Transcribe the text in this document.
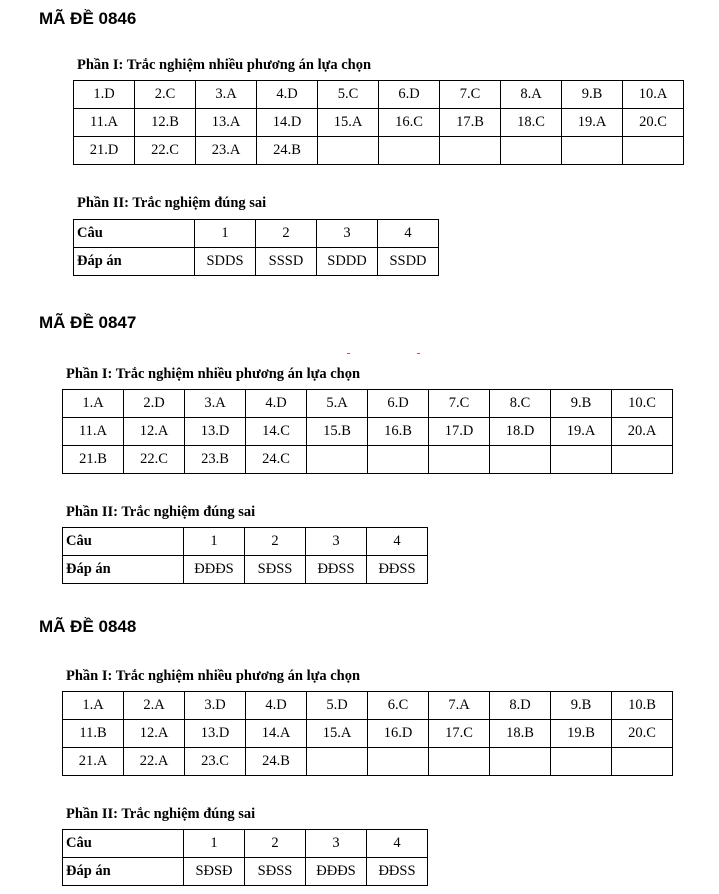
MÃ ĐỀ 0846
Phần I: Trắc nghiệm nhiều phương án lựa chọn
1.D	2.C	3.A	4.D	5.C	6.D	7.C	8.A	9.B	10.A
11.A	12.B	13.A	14.D	15.A	16.C	17.B	18.C	19.A	20.C
21.D	22.C	23.A	24.B						
Phần II: Trắc nghiệm đúng sai
Câu	1	2	3	4
Đáp án	SDDS	SSSD	SDDD	SSDD
MÃ ĐỀ 0847
Phần I: Trắc nghiệm nhiều phương án lựa chọn
1.A	2.D	3.A	4.D	5.A	6.D	7.C	8.C	9.B	10.C
11.A	12.A	13.D	14.C	15.B	16.B	17.D	18.D	19.A	20.A
21.B	22.C	23.B	24.C						
Phần II: Trắc nghiệm đúng sai
Câu	1	2	3	4
Đáp án	ĐĐĐS	SĐSS	ĐĐSS	ĐĐSS
MÃ ĐỀ 0848
Phần I: Trắc nghiệm nhiều phương án lựa chọn
1.A	2.A	3.D	4.D	5.D	6.C	7.A	8.D	9.B	10.B
11.B	12.A	13.D	14.A	15.A	16.D	17.C	18.B	19.B	20.C
21.A	22.A	23.C	24.B						
Phần II: Trắc nghiệm đúng sai
Câu	1	2	3	4
Đáp án	SĐSĐ	SĐSS	ĐĐĐS	ĐĐSS
